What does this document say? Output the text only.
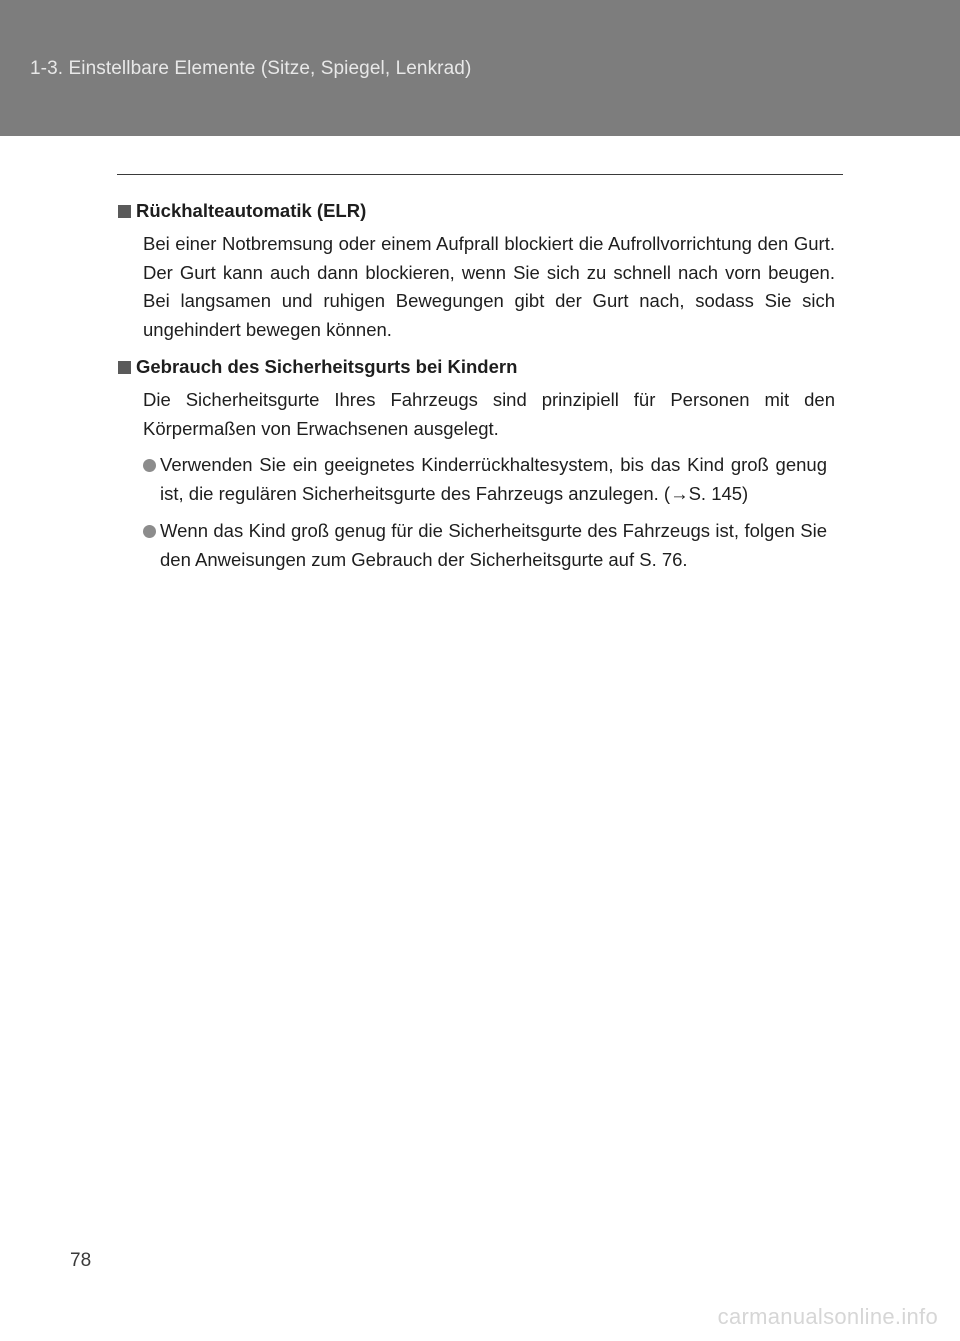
1-3. Einstellbare Elemente (Sitze, Spiegel, Lenkrad)
Rückhalteautomatik (ELR)

Bei einer Notbremsung oder einem Aufprall blockiert die Aufrollvorrichtung den Gurt. Der Gurt kann auch dann blockieren, wenn Sie sich zu schnell nach vorn beugen. Bei langsamen und ruhigen Bewegungen gibt der Gurt nach, sodass Sie sich ungehindert bewegen können.

Gebrauch des Sicherheitsgurts bei Kindern

Die Sicherheitsgurte Ihres Fahrzeugs sind prinzipiell für Personen mit den Körpermaßen von Erwachsenen ausgelegt.

Verwenden Sie ein geeignetes Kinderrückhaltesystem, bis das Kind groß genug ist, die regulären Sicherheitsgurte des Fahrzeugs anzulegen. (→S. 145)
Wenn das Kind groß genug für die Sicherheitsgurte des Fahrzeugs ist, folgen Sie den Anweisungen zum Gebrauch der Sicherheitsgurte auf S. 76.
78
carmanualsonline.info
